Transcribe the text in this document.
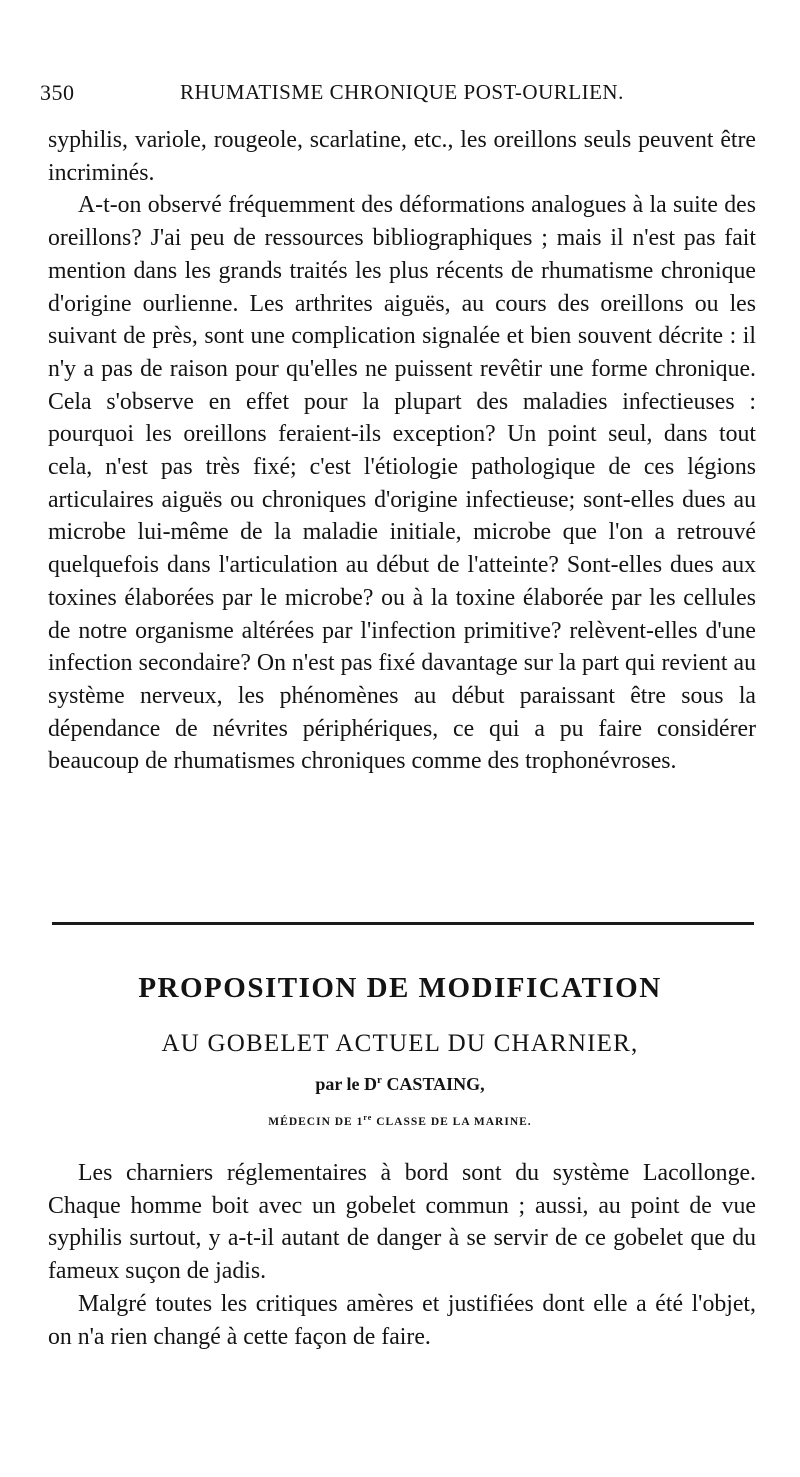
350	RHUMATISME CHRONIQUE POST-OURLIEN.

syphilis, variole, rougeole, scarlatine, etc., les oreillons seuls peuvent être incriminés.

A-t-on observé fréquemment des déformations analogues à la suite des oreillons? J'ai peu de ressources bibliographiques ; mais il n'est pas fait mention dans les grands traités les plus récents de rhumatisme chronique d'origine ourlienne. Les arthrites aiguës, au cours des oreillons ou les suivant de près, sont une complication signalée et bien souvent décrite : il n'y a pas de raison pour qu'elles ne puissent revêtir une forme chronique. Cela s'observe en effet pour la plupart des maladies infectieuses : pourquoi les oreillons feraient-ils exception? Un point seul, dans tout cela, n'est pas très fixé; c'est l'étiologie pathologique de ces légions articulaires aiguës ou chroniques d'origine infectieuse; sont-elles dues au microbe lui-même de la maladie initiale, microbe que l'on a retrouvé quelquefois dans l'articulation au début de l'atteinte? Sont-elles dues aux toxines élaborées par le microbe? ou à la toxine élaborée par les cellules de notre organisme altérées par l'infection primitive? relèvent-elles d'une infection secondaire? On n'est pas fixé davantage sur la part qui revient au système nerveux, les phénomènes au début paraissant être sous la dépendance de névrites périphériques, ce qui a pu faire considérer beaucoup de rhumatismes chroniques comme des trophonévroses.

PROPOSITION DE MODIFICATION
AU GOBELET ACTUEL DU CHARNIER,
par le $D^r$ CASTAING,
MÉDECIN DE 1re CLASSE DE LA MARINE.

Les charniers réglementaires à bord sont du système Lacollonge. Chaque homme boit avec un gobelet commun ; aussi, au point de vue syphilis surtout, y a-t-il autant de danger à se servir de ce gobelet que du fameux suçon de jadis.

Malgré toutes les critiques amères et justifiées dont elle a été l'objet, on n'a rien changé à cette façon de faire.
